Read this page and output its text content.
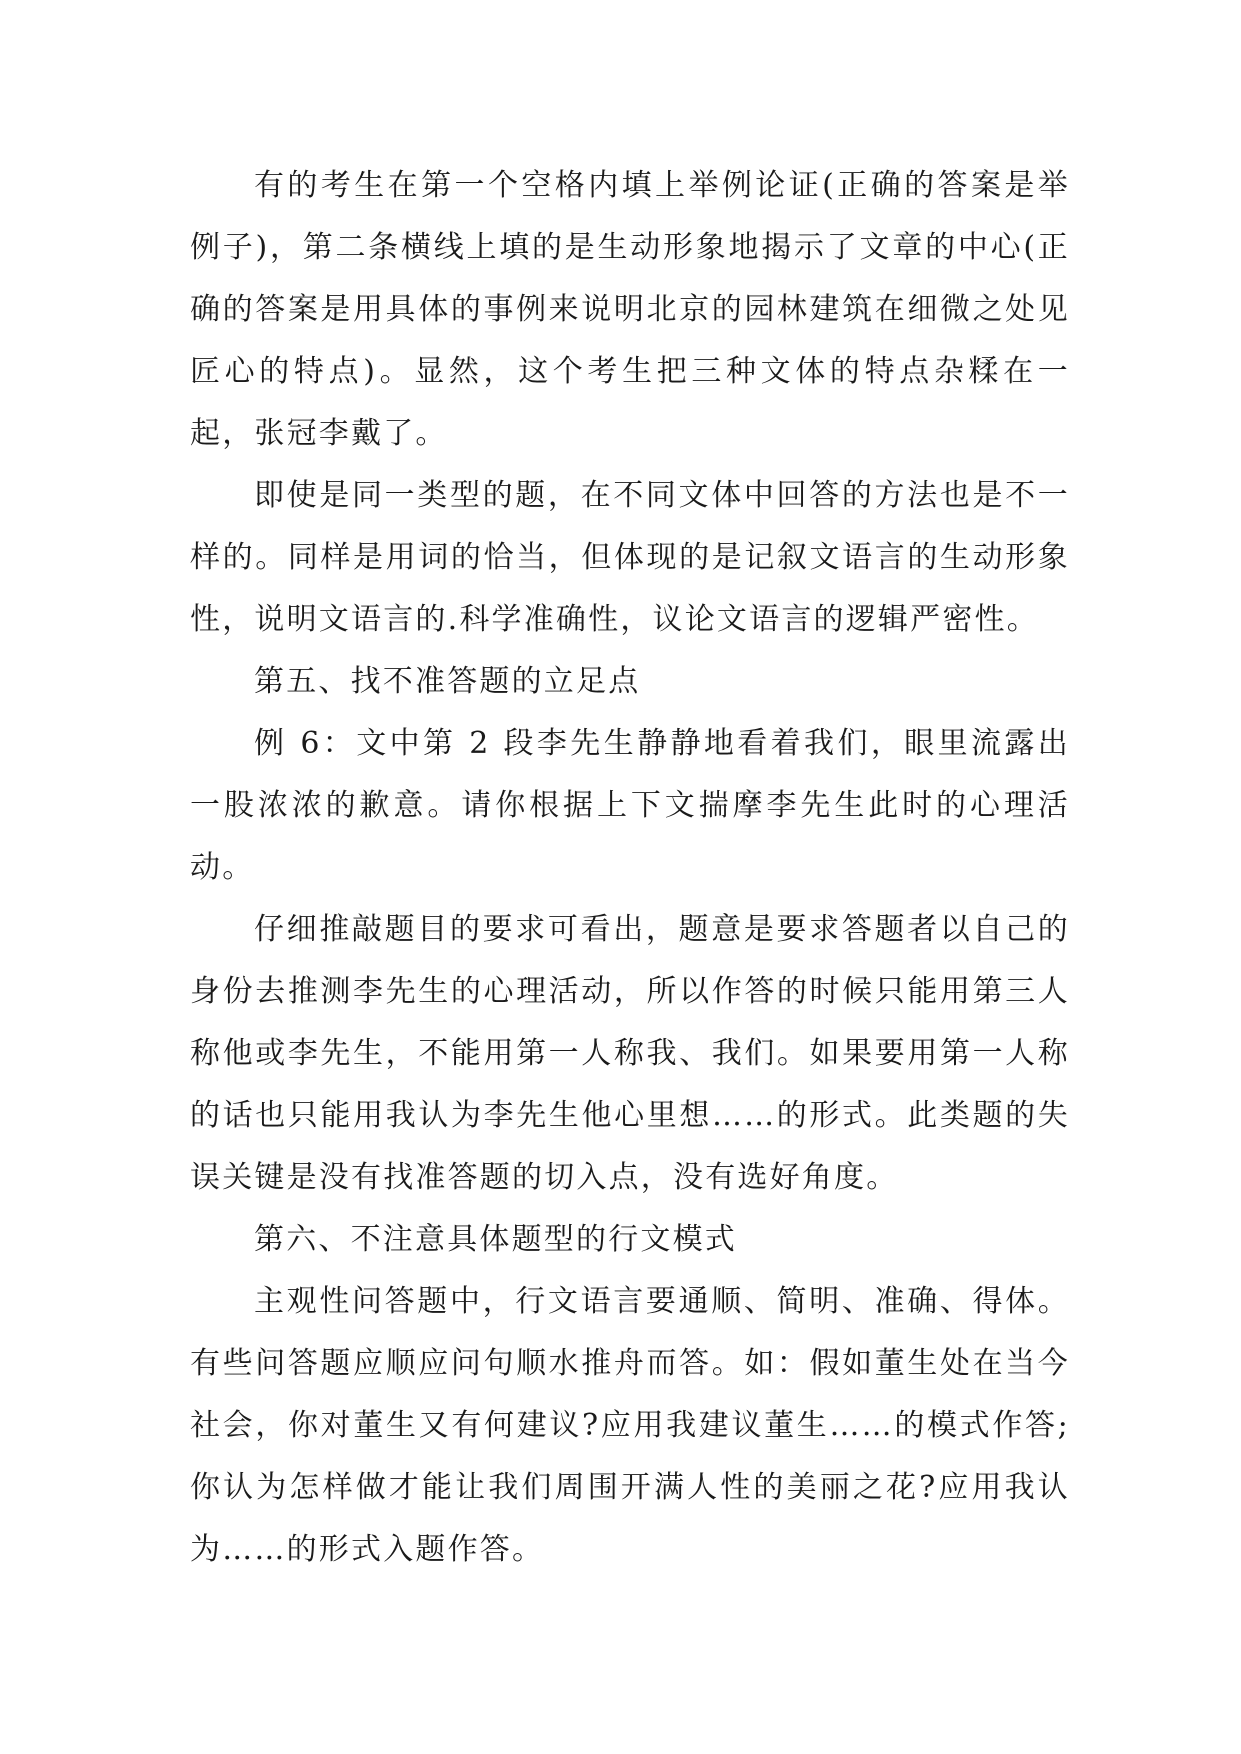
有的考生在第一个空格内填上举例论证(正确的答案是举例子)，第二条横线上填的是生动形象地揭示了文章的中心(正确的答案是用具体的事例来说明北京的园林建筑在细微之处见匠心的特点)。显然，这个考生把三种文体的特点杂糅在一起，张冠李戴了。

即使是同一类型的题，在不同文体中回答的方法也是不一样的。同样是用词的恰当，但体现的是记叙文语言的生动形象性，说明文语言的.科学准确性，议论文语言的逻辑严密性。

第五、找不准答题的立足点

例 6：文中第 2 段李先生静静地看着我们，眼里流露出一股浓浓的歉意。请你根据上下文揣摩李先生此时的心理活动。

仔细推敲题目的要求可看出，题意是要求答题者以自己的身份去推测李先生的心理活动，所以作答的时候只能用第三人称他或李先生，不能用第一人称我、我们。如果要用第一人称的话也只能用我认为李先生他心里想……的形式。此类题的失误关键是没有找准答题的切入点，没有选好角度。

第六、不注意具体题型的行文模式

主观性问答题中，行文语言要通顺、简明、准确、得体。有些问答题应顺应问句顺水推舟而答。如：假如董生处在当今社会，你对董生又有何建议?应用我建议董生……的模式作答;你认为怎样做才能让我们周围开满人性的美丽之花?应用我认为……的形式入题作答。
